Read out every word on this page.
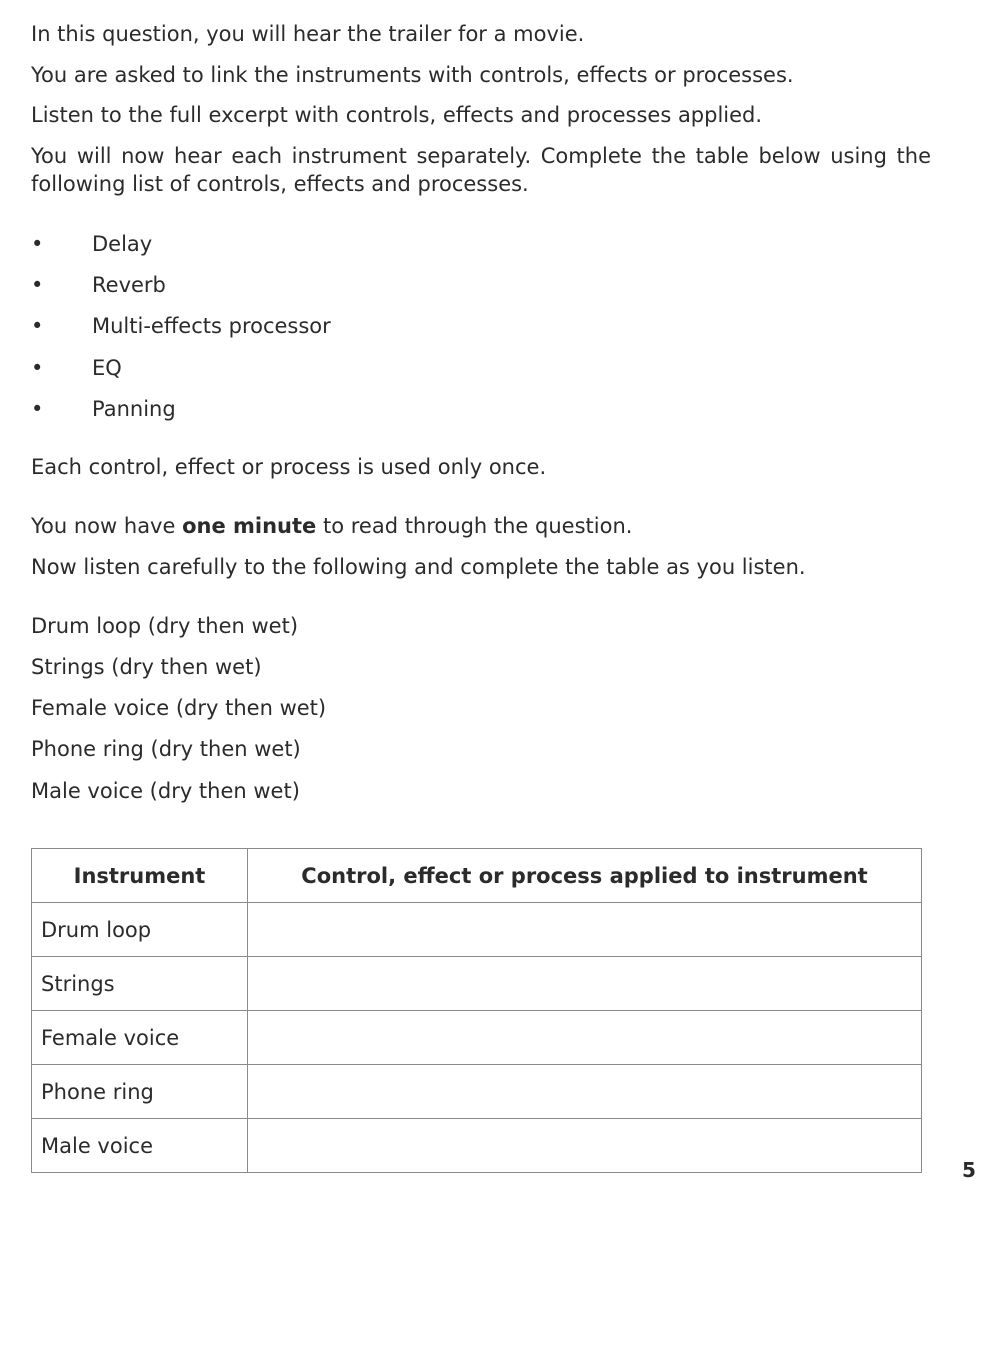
In this question, you will hear the trailer for a movie.

You are asked to link the instruments with controls, effects or processes.

Listen to the full excerpt with controls, effects and processes applied.

You will now hear each instrument separately. Complete the table below using the following list of controls, effects and processes.

• Delay
• Reverb
• Multi-effects processor
• EQ
• Panning

Each control, effect or process is used only once.

You now have one minute to read through the question.

Now listen carefully to the following and complete the table as you listen.

Drum loop (dry then wet)

Strings (dry then wet)

Female voice (dry then wet)

Phone ring (dry then wet)

Male voice (dry then wet)

Instrument	Control, effect or process applied to instrument
Drum loop	
Strings	
Female voice	
Phone ring	
Male voice	
5
